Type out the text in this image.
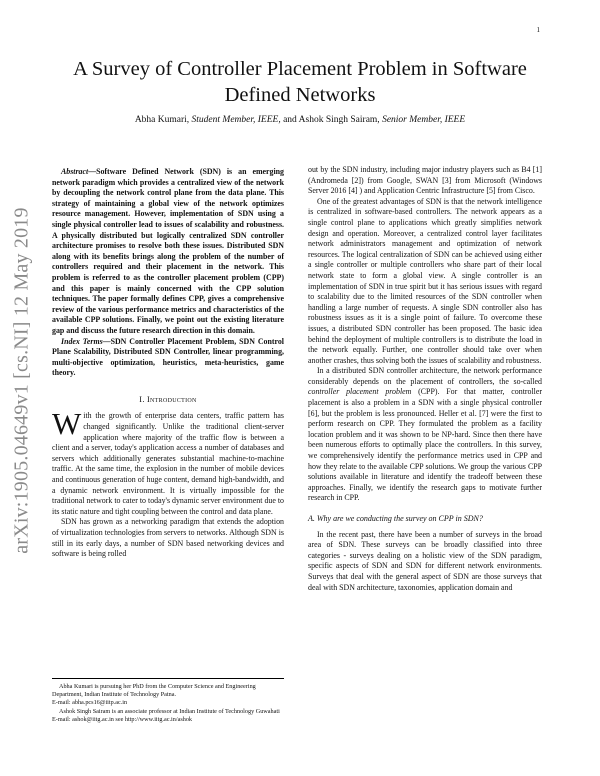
1
arXiv:1905.04649v1 [cs.NI] 12 May 2019
A Survey of Controller Placement Problem in Software Defined Networks
Abha Kumari, Student Member, IEEE, and Ashok Singh Sairam, Senior Member, IEEE

Abstract—Software Defined Network (SDN) is an emerging network paradigm which provides a centralized view of the network by decoupling the network control plane from the data plane. This strategy of maintaining a global view of the network optimizes resource management. However, implementation of SDN using a single physical controller lead to issues of scalability and robustness. A physically distributed but logically centralized SDN controller architecture promises to resolve both these issues. Distributed SDN along with its benefits brings along the problem of the number of controllers required and their placement in the network. This problem is referred to as the controller placement problem (CPP) and this paper is mainly concerned with the CPP solution techniques. The paper formally defines CPP, gives a comprehensive review of the various performance metrics and characteristics of the available CPP solutions. Finally, we point out the existing literature gap and discuss the future research direction in this domain.

Index Terms—SDN Controller Placement Problem, SDN Control Plane Scalability, Distributed SDN Controller, linear programming, multi-objective optimization, heuristics, meta-heuristics, game theory.

I. Introduction

With the growth of enterprise data centers, traffic pattern has changed significantly. Unlike the traditional client-server application where majority of the traffic flow is between a client and a server, today's application access a number of databases and servers which additionally generates substantial machine-to-machine traffic. At the same time, the explosion in the number of mobile devices and continuous generation of huge content, demand high-bandwidth, and a dynamic network environment. It is virtually impossible for the traditional network to cater to today's dynamic server environment due to its static nature and tight coupling between the control and data plane.

SDN has grown as a networking paradigm that extends the adoption of virtualization technologies from servers to networks. Although SDN is still in its early days, a number of SDN based networking devices and software is being rolled

Abha Kumari is pursuing her PhD from the Computer Science and Engineering Department, Indian Institute of Technology Patna.

E-mail: abha.pcs16@iitp.ac.in

Ashok Singh Sairam is an associate professor at Indian Institute of Technology Guwahati

E-mail: ashok@iitg.ac.in see http://www.iitg.ac.in/ashok

out by the SDN industry, including major industry players such as B4 [1] (Andromeda [2]) from Google, SWAN [3] from Microsoft (Windows Server 2016 [4] ) and Application Centric Infrastructure [5] from Cisco.

One of the greatest advantages of SDN is that the network intelligence is centralized in software-based controllers. The network appears as a single control plane to applications which greatly simplifies network design and operation. Moreover, a centralized control layer facilitates network administrators management and optimization of network resources. The logical centralization of SDN can be achieved using either a single controller or multiple controllers who share part of their local network state to form a global view. A single controller is an implementation of SDN in true spirit but it has serious issues with regard to scalability due to the limited resources of the SDN controller when handling a large number of requests. A single SDN controller also has robustness issues as it is a single point of failure. To overcome these issues, a distributed SDN controller has been proposed. The basic idea behind the deployment of multiple controllers is to distribute the load in the network equally. Further, one controller should take over when another crashes, thus solving both the issues of scalability and robustness.

In a distributed SDN controller architecture, the network performance considerably depends on the placement of controllers, the so-called controller placement problem (CPP). For that matter, controller placement is also a problem in a SDN with a single physical controller [6], but the problem is less pronounced. Heller et al. [7] were the first to perform research on CPP. They formulated the problem as a facility location problem and it was shown to be NP-hard. Since then there have been numerous efforts to optimally place the controllers. In this survey, we comprehensively identify the performance metrics used in CPP and how they relate to the available CPP solutions. We group the various CPP solutions available in literature and identify the tradeoff between these approaches. Finally, we identify the research gaps to motivate further research in CPP.

A. Why are we conducting the survey on CPP in SDN?

In the recent past, there have been a number of surveys in the broad area of SDN. These surveys can be broadly classified into three categories - surveys dealing on a holistic view of the SDN paradigm, specific aspects of SDN and SDN for different network environments. Surveys that deal with the general aspect of SDN are those surveys that deal with SDN architecture, taxonomies, application domain and
